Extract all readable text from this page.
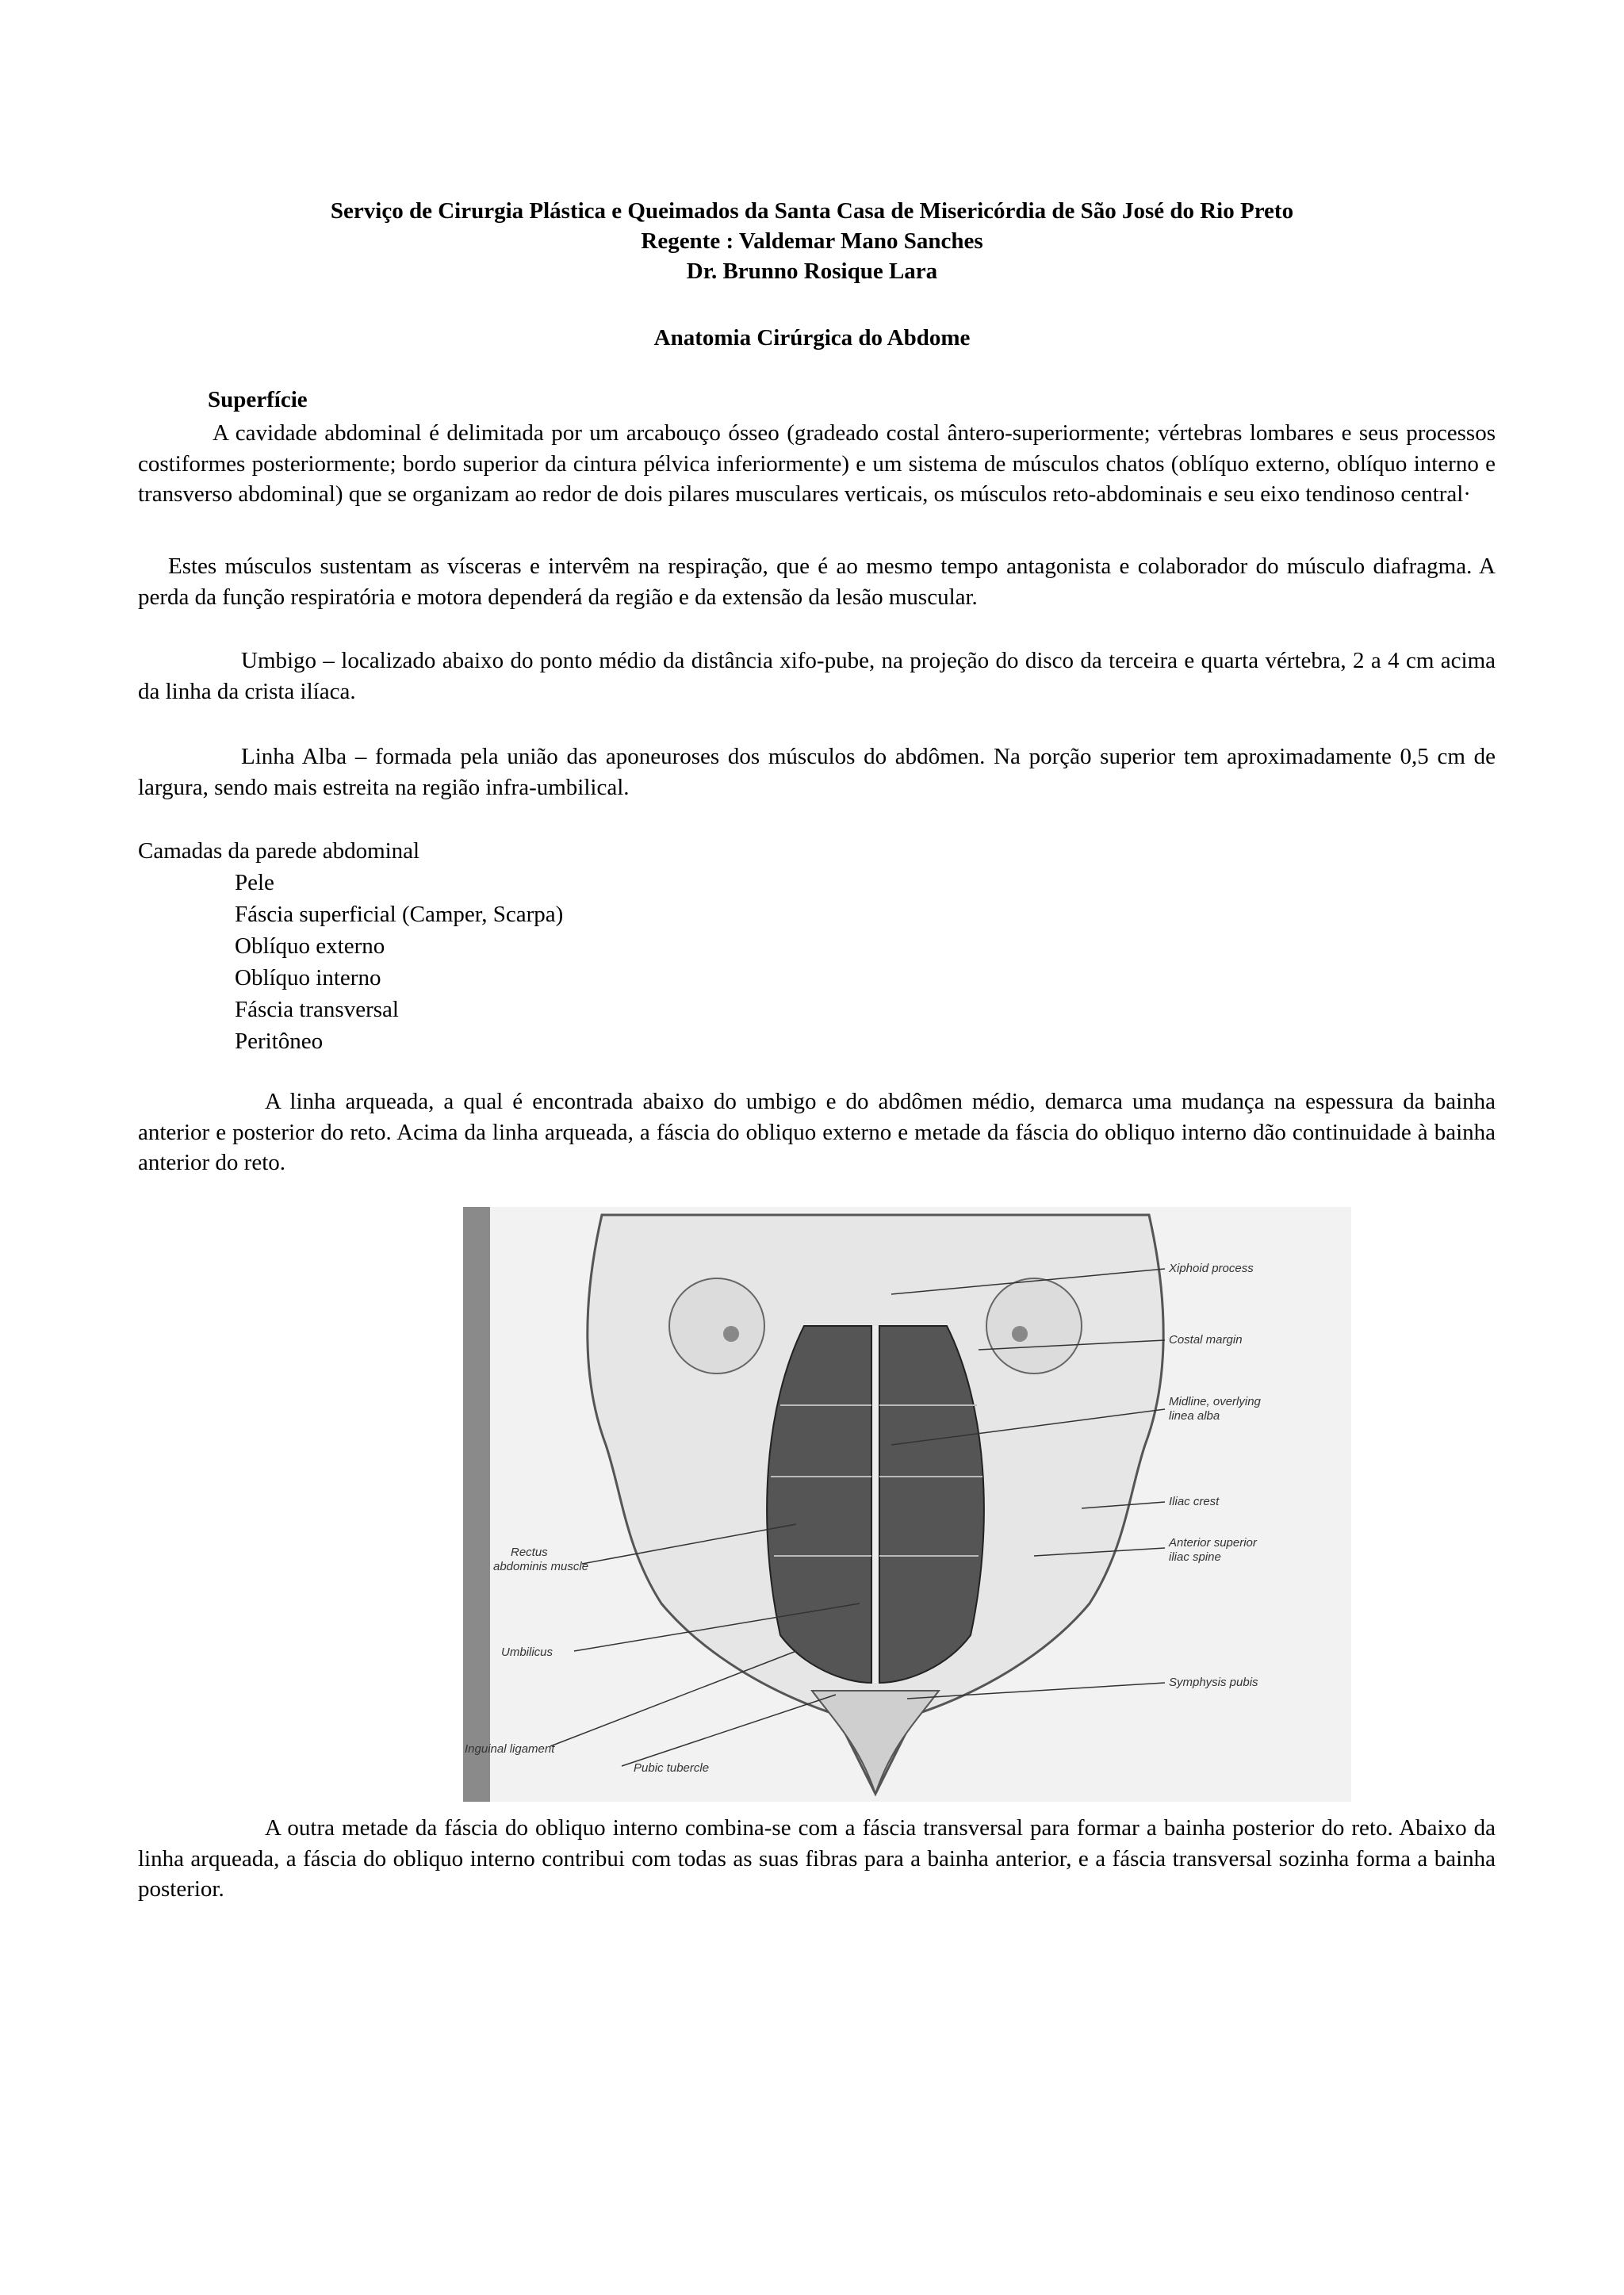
Serviço de Cirurgia Plástica e Queimados da Santa Casa de Misericórdia de São José do Rio Preto
Regente : Valdemar Mano Sanches
Dr. Brunno Rosique Lara
Anatomia Cirúrgica do Abdome
Superfície

A cavidade abdominal é delimitada por um arcabouço ósseo (gradeado costal ântero-superiormente; vértebras lombares e seus processos costiformes posteriormente; bordo superior da cintura pélvica inferiormente) e um sistema de músculos chatos (oblíquo externo, oblíquo interno e transverso abdominal) que se organizam ao redor de dois pilares musculares verticais, os músculos reto-abdominais e seu eixo tendinoso central·

Estes músculos sustentam as vísceras e intervêm na respiração, que é ao mesmo tempo antagonista e colaborador do músculo diafragma. A perda da função respiratória e motora dependerá da região e da extensão da lesão muscular.

Umbigo – localizado abaixo do ponto médio da distância xifo-pube, na projeção do disco da terceira e quarta vértebra, 2 a 4 cm acima da linha da crista ilíaca.

Linha Alba – formada pela união das aponeuroses dos músculos do abdômen. Na porção superior tem aproximadamente 0,5 cm de largura, sendo mais estreita na região infra-umbilical.

Camadas da parede abdominal

Pele
Fáscia superficial (Camper, Scarpa)
Oblíquo externo
Oblíquo interno
Fáscia transversal
Peritôneo

A linha arqueada, a qual é encontrada abaixo do umbigo e do abdômen médio, demarca uma mudança na espessura da bainha anterior e posterior do reto. Acima da linha arqueada, a fáscia do obliquo externo e metade da fáscia do obliquo interno dão continuidade à bainha anterior do reto.

Xiphoid process
Costal margin
Midline, overlying
linea alba
Iliac crest
Anterior superior
iliac spine
Symphysis pubis
Rectus
abdominis muscle
Umbilicus
Inguinal ligament
Pubic tubercle

A outra metade da fáscia do obliquo interno combina-se com a fáscia transversal para formar a bainha posterior do reto. Abaixo da linha arqueada, a fáscia do obliquo interno contribui com todas as suas fibras para a bainha anterior, e a fáscia transversal sozinha forma a bainha posterior.
